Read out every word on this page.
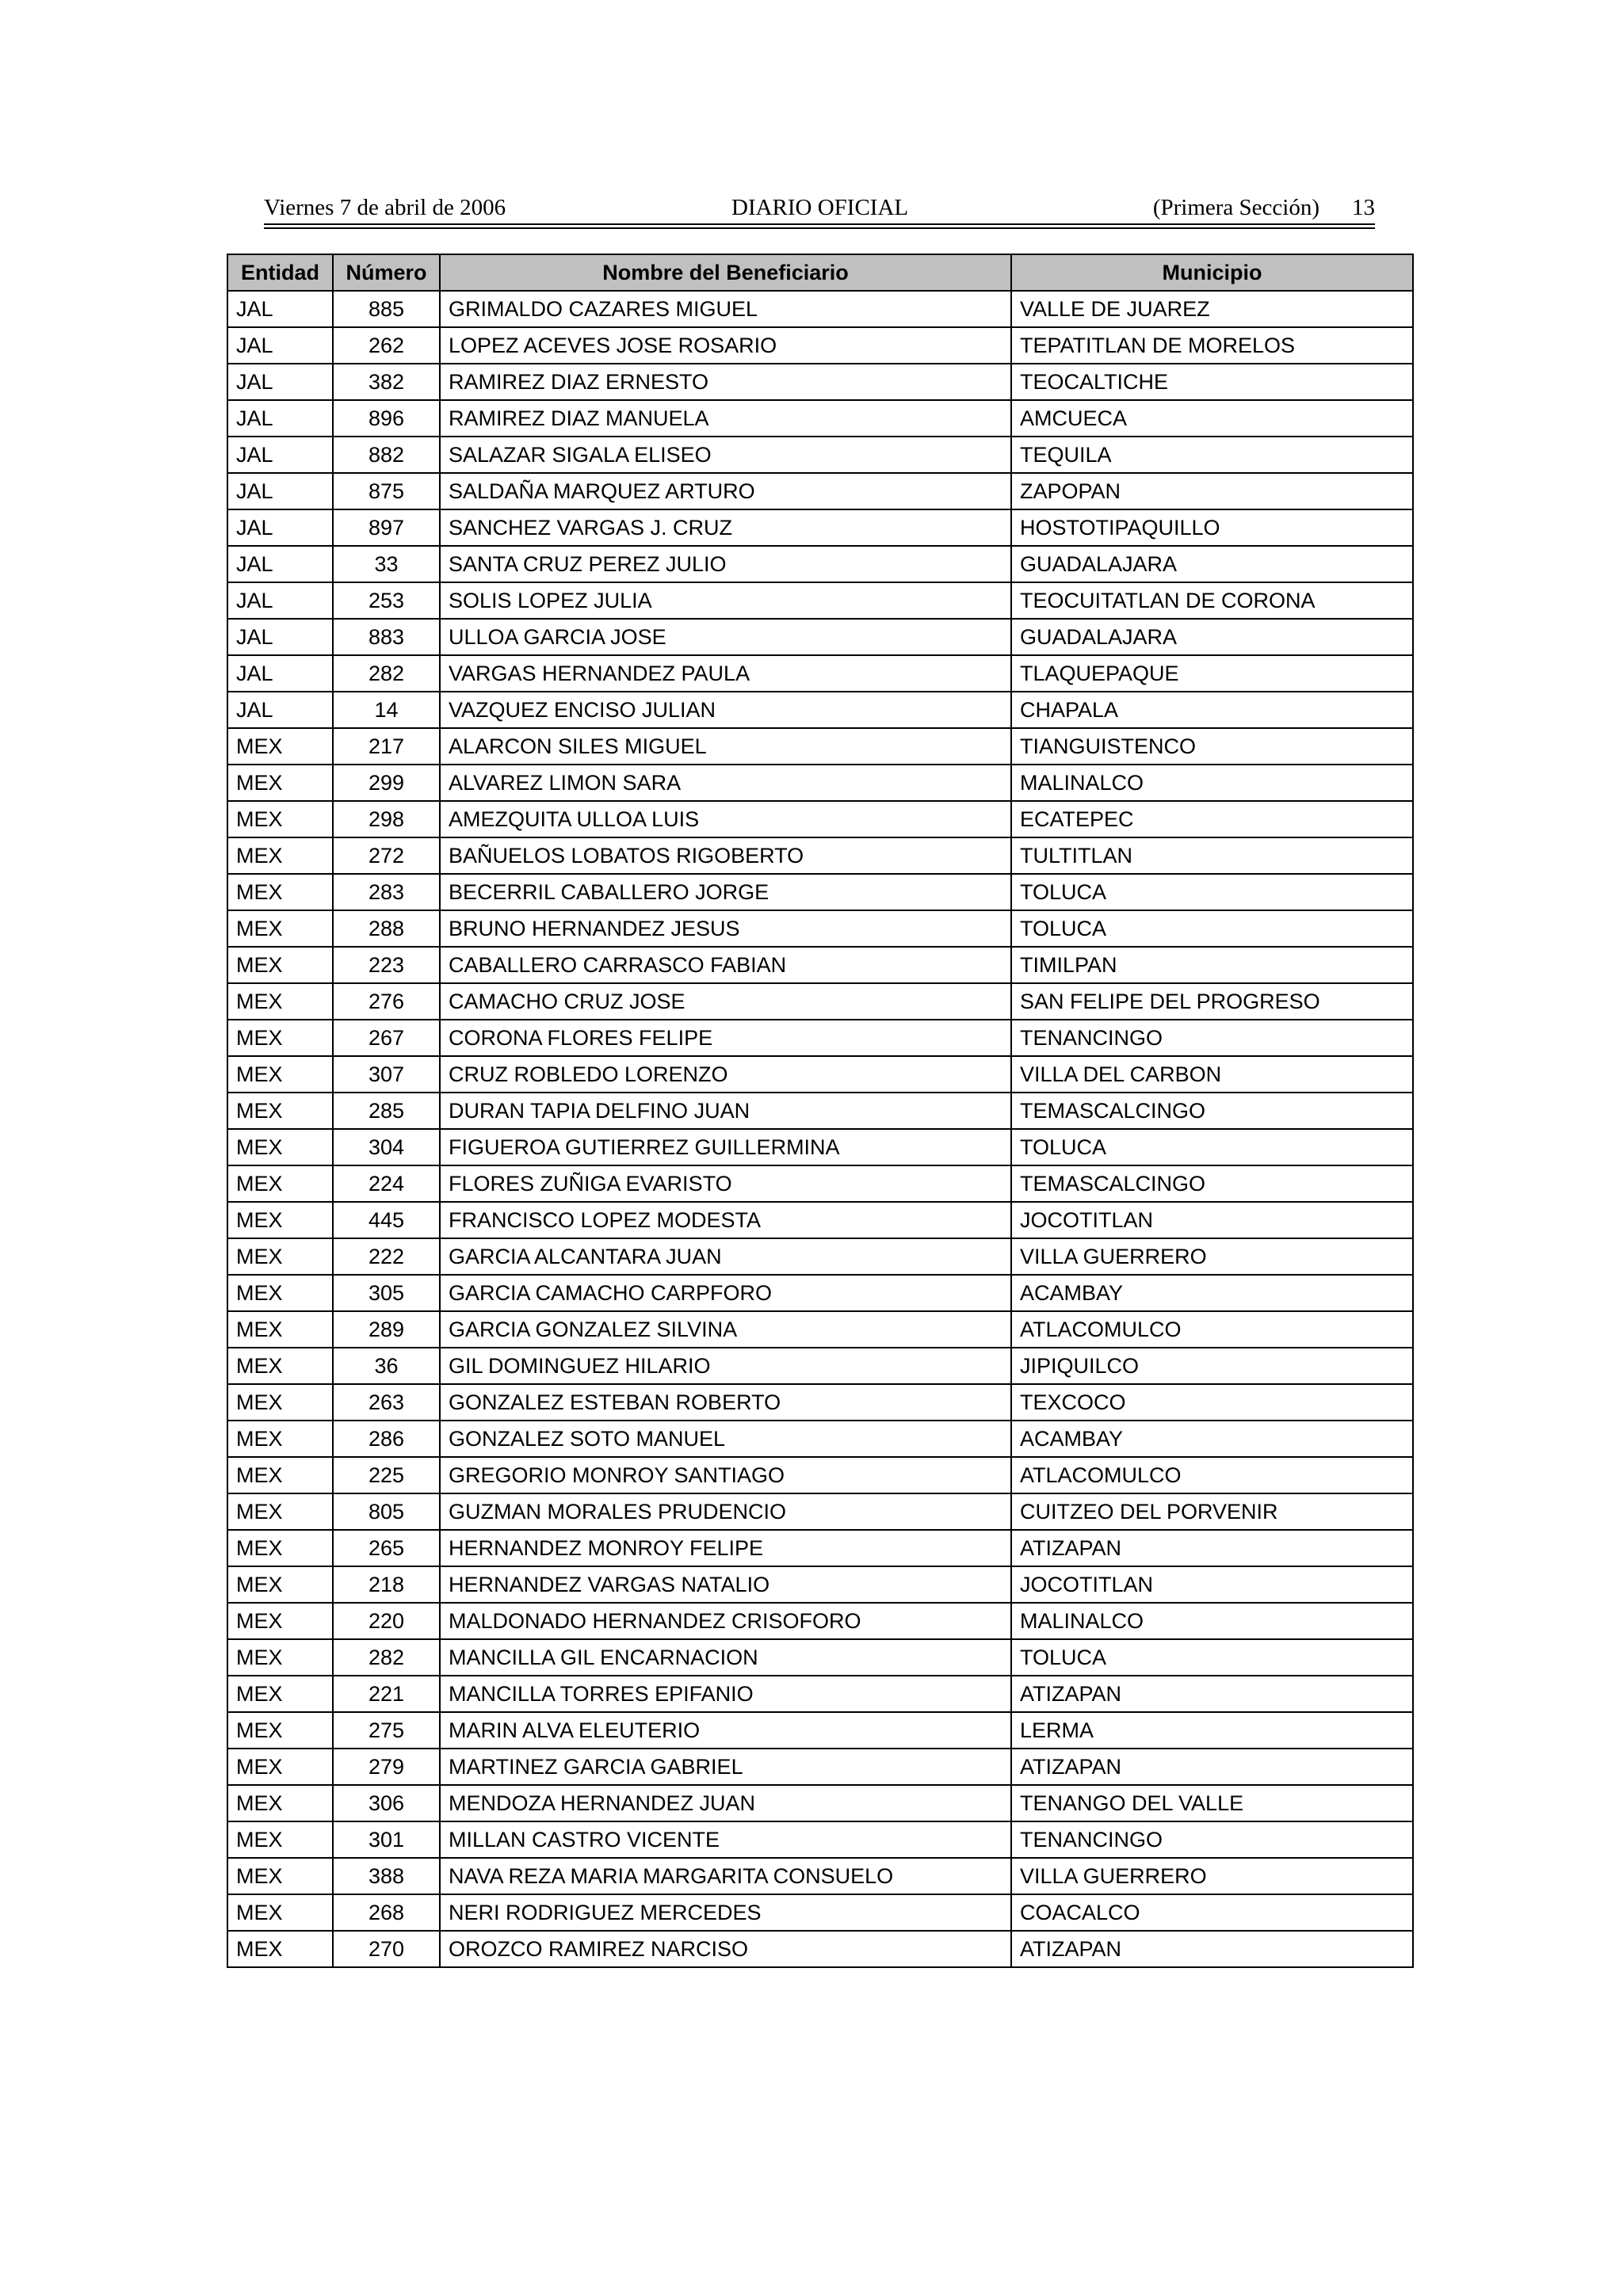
Viernes 7 de abril de 2006	DIARIO OFICIAL	(Primera Sección) 13
Entidad	Número	Nombre del Beneficiario	Municipio
JAL	885	GRIMALDO CAZARES MIGUEL	VALLE DE JUAREZ
JAL	262	LOPEZ ACEVES JOSE ROSARIO	TEPATITLAN DE MORELOS
JAL	382	RAMIREZ DIAZ ERNESTO	TEOCALTICHE
JAL	896	RAMIREZ DIAZ MANUELA	AMCUECA
JAL	882	SALAZAR SIGALA ELISEO	TEQUILA
JAL	875	SALDAÑA MARQUEZ ARTURO	ZAPOPAN
JAL	897	SANCHEZ VARGAS J. CRUZ	HOSTOTIPAQUILLO
JAL	33	SANTA CRUZ PEREZ JULIO	GUADALAJARA
JAL	253	SOLIS LOPEZ JULIA	TEOCUITATLAN DE CORONA
JAL	883	ULLOA GARCIA JOSE	GUADALAJARA
JAL	282	VARGAS HERNANDEZ PAULA	TLAQUEPAQUE
JAL	14	VAZQUEZ ENCISO JULIAN	CHAPALA
MEX	217	ALARCON SILES MIGUEL	TIANGUISTENCO
MEX	299	ALVAREZ LIMON SARA	MALINALCO
MEX	298	AMEZQUITA ULLOA LUIS	ECATEPEC
MEX	272	BAÑUELOS LOBATOS RIGOBERTO	TULTITLAN
MEX	283	BECERRIL CABALLERO JORGE	TOLUCA
MEX	288	BRUNO HERNANDEZ JESUS	TOLUCA
MEX	223	CABALLERO CARRASCO FABIAN	TIMILPAN
MEX	276	CAMACHO CRUZ JOSE	SAN FELIPE DEL PROGRESO
MEX	267	CORONA FLORES FELIPE	TENANCINGO
MEX	307	CRUZ ROBLEDO LORENZO	VILLA DEL CARBON
MEX	285	DURAN TAPIA DELFINO JUAN	TEMASCALCINGO
MEX	304	FIGUEROA GUTIERREZ GUILLERMINA	TOLUCA
MEX	224	FLORES ZUÑIGA EVARISTO	TEMASCALCINGO
MEX	445	FRANCISCO LOPEZ MODESTA	JOCOTITLAN
MEX	222	GARCIA ALCANTARA JUAN	VILLA GUERRERO
MEX	305	GARCIA CAMACHO CARPFORO	ACAMBAY
MEX	289	GARCIA GONZALEZ SILVINA	ATLACOMULCO
MEX	36	GIL DOMINGUEZ HILARIO	JIPIQUILCO
MEX	263	GONZALEZ ESTEBAN ROBERTO	TEXCOCO
MEX	286	GONZALEZ SOTO MANUEL	ACAMBAY
MEX	225	GREGORIO MONROY SANTIAGO	ATLACOMULCO
MEX	805	GUZMAN MORALES PRUDENCIO	CUITZEO DEL PORVENIR
MEX	265	HERNANDEZ MONROY FELIPE	ATIZAPAN
MEX	218	HERNANDEZ VARGAS NATALIO	JOCOTITLAN
MEX	220	MALDONADO HERNANDEZ CRISOFORO	MALINALCO
MEX	282	MANCILLA GIL ENCARNACION	TOLUCA
MEX	221	MANCILLA TORRES EPIFANIO	ATIZAPAN
MEX	275	MARIN ALVA ELEUTERIO	LERMA
MEX	279	MARTINEZ GARCIA GABRIEL	ATIZAPAN
MEX	306	MENDOZA HERNANDEZ JUAN	TENANGO DEL VALLE
MEX	301	MILLAN CASTRO VICENTE	TENANCINGO
MEX	388	NAVA REZA MARIA MARGARITA CONSUELO	VILLA GUERRERO
MEX	268	NERI RODRIGUEZ MERCEDES	COACALCO
MEX	270	OROZCO RAMIREZ NARCISO	ATIZAPAN
